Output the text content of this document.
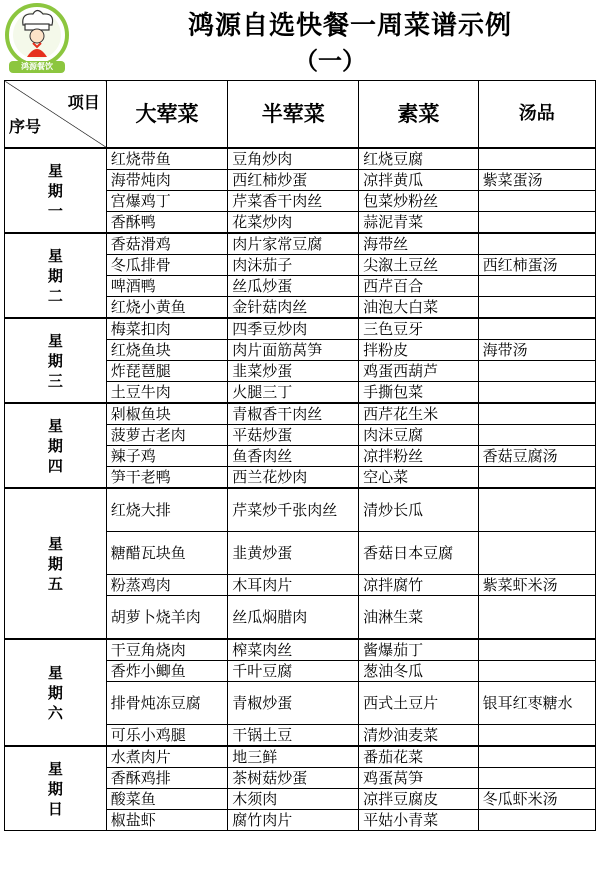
鸿源餐饮
鸿源自选快餐一周菜谱示例
（一）
项目
序号	大荤菜	半荤菜	素菜	汤品

星
期
一	红烧带鱼	豆角炒肉	红烧豆腐	
	海带炖肉	西红柿炒蛋	凉拌黄瓜	紫菜蛋汤
	宫爆鸡丁	芹菜香干肉丝	包菜炒粉丝	
	香酥鸭	花菜炒肉	蒜泥青菜	

星
期
二	香菇滑鸡	肉片家常豆腐	海带丝	
	冬瓜排骨	肉沫茄子	尖溆土豆丝	西红柿蛋汤
	啤酒鸭	丝瓜炒蛋	西芹百合	
	红烧小黄鱼	金针菇肉丝	油泡大白菜	

星
期
三	梅菜扣肉	四季豆炒肉	三色豆牙	
	红烧鱼块	肉片面筋莴笋	拌粉皮	海带汤
	炸琵琶腿	韭菜炒蛋	鸡蛋西葫芦	
	土豆牛肉	火腿三丁	手撕包菜	

星
期
四	剁椒鱼块	青椒香干肉丝	西芹花生米	
	菠萝古老肉	平菇炒蛋	肉沫豆腐	
	辣子鸡	鱼香肉丝	凉拌粉丝	香菇豆腐汤
	笋干老鸭	西兰花炒肉	空心菜	

星
期
五	红烧大排	芹菜炒千张肉丝	清炒长瓜	
	糖醋瓦块鱼	韭黄炒蛋	香菇日本豆腐	
	粉蒸鸡肉	木耳肉片	凉拌腐竹	紫菜虾米汤
	胡萝卜烧羊肉	丝瓜焖腊肉	油淋生菜	

星
期
六	干豆角烧肉	榨菜肉丝	酱爆茄丁	
	香炸小鲫鱼	千叶豆腐	葱油冬瓜	
	排骨炖冻豆腐	青椒炒蛋	西式土豆片	银耳红枣糖水
	可乐小鸡腿	干锅土豆	清炒油麦菜	

星
期
日	水煮肉片	地三鲜	番茄花菜	
	香酥鸡排	茶树菇炒蛋	鸡蛋莴笋	
	酸菜鱼	木须肉	凉拌豆腐皮	冬瓜虾米汤
	椒盐虾	腐竹肉片	平姑小青菜	
